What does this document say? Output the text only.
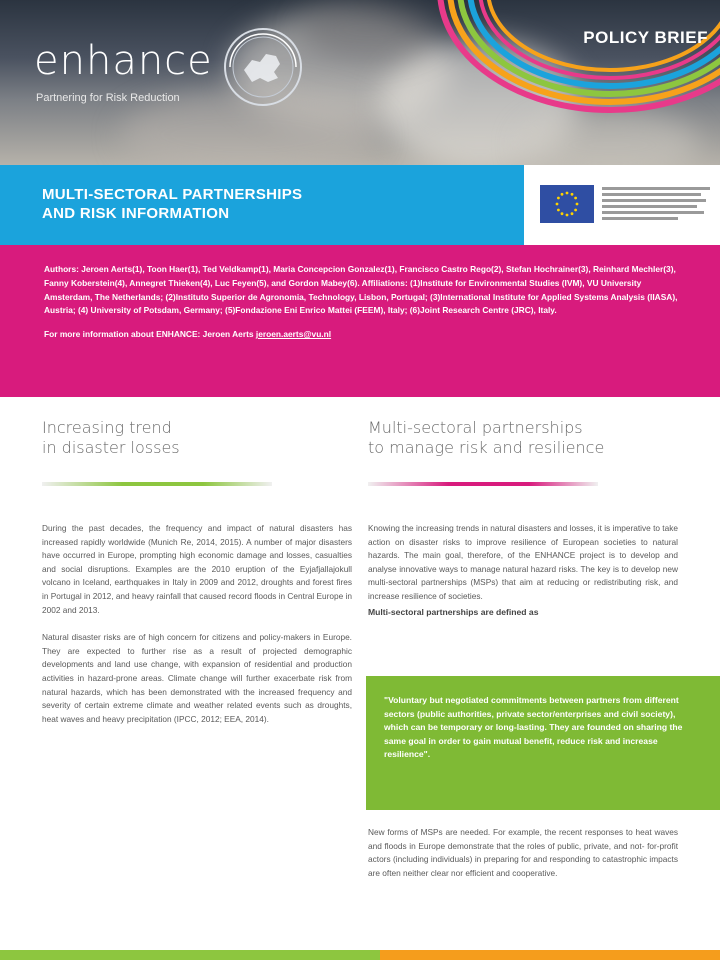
enhance
Partnering for Risk Reduction
POLICY BRIEF
MULTI-SECTORAL PARTNERSHIPS
AND RISK INFORMATION

Authors: Jeroen Aerts(1), Toon Haer(1), Ted Veldkamp(1), Maria Concepcion Gonzalez(1), Francisco Castro Rego(2), Stefan Hochrainer(3), Reinhard Mechler(3), Fanny Koberstein(4), Annegret Thieken(4), Luc Feyen(5), and Gordon Mabey(6). Affiliations: (1)Institute for Environmental Studies (IVM), VU University Amsterdam, The Netherlands; (2)Instituto Superior de Agronomia, Technology, Lisbon, Portugal; (3)International Institute for Applied Systems Analysis (IIASA), Austria; (4) University of Potsdam, Germany; (5)Fondazione Eni Enrico Mattei (FEEM), Italy; (6)Joint Research Centre (JRC), Italy.

For more information about ENHANCE: Jeroen Aerts jeroen.aerts@vu.nl

Increasing trend
in disaster losses

During the past decades, the frequency and impact of natural disasters has increased rapidly worldwide (Munich Re, 2014, 2015). A number of major disasters have occurred in Europe, prompting high economic damage and losses, casualties and social disruptions. Examples are the 2010 eruption of the Eyjafjallajokull volcano in Iceland, earthquakes in Italy in 2009 and 2012, droughts and forest fires in Portugal in 2012, and heavy rainfall that caused record floods in Central Europe in 2002 and 2013.

Natural disaster risks are of high concern for citizens and policy-makers in Europe. They are expected to further rise as a result of projected demographic developments and land use change, with expansion of residential and production activities in hazard-prone areas. Climate change will further exacerbate risk from natural hazards, which has been demonstrated with the increased frequency and severity of certain extreme climate and weather related events such as droughts, heat waves and heavy precipitation (IPCC, 2012; EEA, 2014).

Multi-sectoral partnerships
to manage risk and resilience

Knowing the increasing trends in natural disasters and losses, it is imperative to take action on disaster risks to improve resilience of European societies to natural hazards. The main goal, therefore, of the ENHANCE project is to develop and analyse innovative ways to manage natural hazard risks. The key is to develop new multi-sectoral partnerships (MSPs) that aim at reducing or redistributing risk, and increase resilience of societies.

Multi-sectoral partnerships are defined as

"Voluntary but negotiated commitments between partners from different sectors (public authorities, private sector/enterprises and civil society), which can be temporary or long-lasting. They are founded on sharing the same goal in order to gain mutual benefit, reduce risk and increase resilience".

New forms of MSPs are needed. For example, the recent responses to heat waves and floods in Europe demonstrate that the roles of public, private, and not- for-profit actors (including individuals) in preparing for and responding to catastrophic impacts are often neither clear nor efficient and cooperative.
